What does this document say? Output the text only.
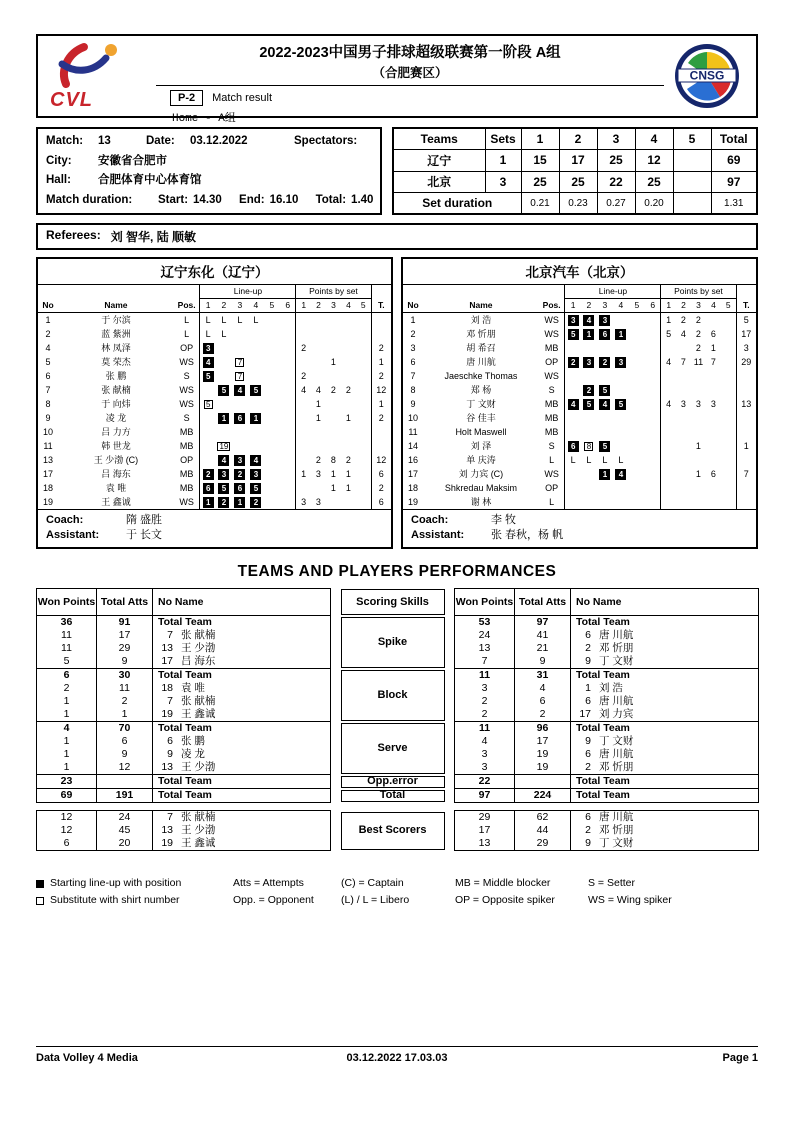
CVL
2022-2023中国男子排球超级联赛第一阶段 A组
（合肥赛区）
P-2	Match result
Home - A组
CNSG
Match:	13	Date:	03.12.2022	Spectators:
City:	安徽省合肥市
Hall:	合肥体育中心体育馆
Match duration:	Start: 14.30	End: 16.10	Total: 1.40
Teams	Sets	1	2	3	4	5	Total
辽宁	1	15	17	25	12		69
北京	3	25	25	22	25		97
Set duration		0.21	0.23	0.27	0.20		1.31
Referees: 刘 智华, 陆 顺敏
辽宁东化（辽宁）
			Line-up						Points by set					
No	Name	Pos.	1	2	3	4	5	6	1	2	3	4	5	T.
1	于 尔滨	L	L	L	L	L								
2	蓝 紫洲	L	L	L										
4	林 凤泽	OP	3						2					2
5	莫 荣杰	WS	4		7						1			1
6	张 鹏	S	5		7				2					2
7	张 献楠	WS		5	4	5			4	4	2	2		12
8	于 向炜	WS	5							1				1
9	凌 龙	S		1	6	1				1		1		2
10	吕 力方	MB												
11	韩 世龙	MB		19										
13	王 少渤 (C)	OP		4	3	4				2	8	2		12
17	吕 海东	MB	2	3	2	3			1	3	1	1		6
18	袁 唯	MB	6	5	6	5					1	1		2
19	王 鑫诚	WS	1	2	1	2			3	3				6
Coach:	隋 盛胜
Assistant:	于 长文
北京汽车（北京）
			Line-up						Points by set					
No	Name	Pos.	1	2	3	4	5	6	1	2	3	4	5	T.
1	刘 浩	WS	3	4	3				1	2	2			5
2	邓 忻朋	WS	5	1	6	1			5	4	2	6		17
3	胡 希召	MB									2	1		3
6	唐 川航	OP	2	3	2	3			4	7	11	7		29
7	Jaeschke Thomas	WS												
8	郑 杨	S		2	5									
9	丁 文财	MB	4	5	4	5			4	3	3	3		13
10	谷 佳丰	MB												
11	Holt Maswell	MB												
14	刘 泽	S	6	8	5						1			1
16	单 庆涛	L	L	L	L	L								
17	刘 力宾 (C)	WS			1	4					1	6		7
18	Shkredau Maksim	OP												
19	谢 林	L												
Coach:	李 牧
Assistant:	张 春秋，杨 帆
TEAMS AND PLAYERS PERFORMANCES
Won Points	Total Atts	No Name		Scoring Skills		Won Points	Total Atts	No Name
36	91	Total Team		Spike		53	97	Total Team
11	17	7 张 献楠				24	41	6 唐 川航
11	29	13 王 少渤				13	21	2 邓 忻朋
5	9	17 吕 海东				7	9	9 丁 文财
6	30	Total Team		Block		11	31	Total Team
2	11	18 袁 唯				3	4	1 刘 浩
1	2	7 张 献楠				2	6	6 唐 川航
1	1	19 王 鑫诚				2	2	17 刘 力宾
4	70	Total Team		Serve		11	96	Total Team
1	6	6 张 鹏				4	17	9 丁 文财
1	9	9 凌 龙				3	19	6 唐 川航
1	12	13 王 少渤				3	19	2 邓 忻朋
23		Total Team		Opp.error		22		Total Team
69	191	Total Team		Total		97	224	Total Team

12	24	7 张 献楠		Best Scorers		29	62	6 唐 川航
12	45	13 王 少渤				17	44	2 邓 忻朋
6	20	19 王 鑫诚				13	29	9 丁 文财
Starting line-up with position	Atts = Attempts	(C) = Captain	MB = Middle blocker	S = Setter
Substitute with shirt number	Opp. = Opponent	(L) / L = Libero	OP = Opposite spiker	WS = Wing spiker
Data Volley 4 Media	03.12.2022 17.03.03	Page 1
